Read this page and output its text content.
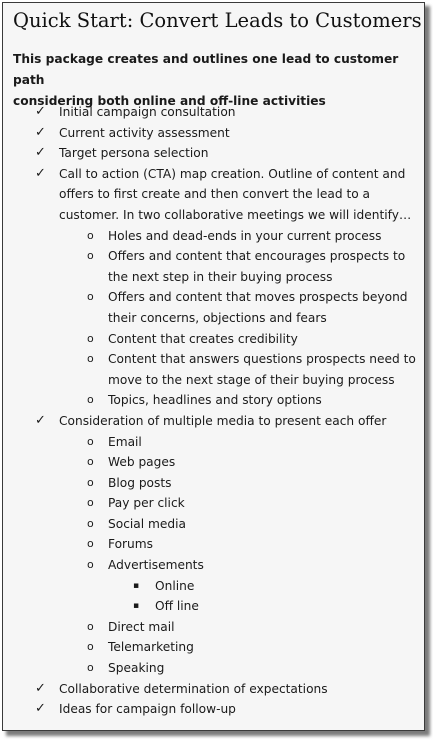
Quick Start: Convert Leads to Customers

This package creates and outlines one lead to customer path
considering both online and off-line activities

✓ Initial campaign consultation
✓ Current activity assessment
✓ Target persona selection
✓ Call to action (CTA) map creation. Outline of content and
offers to first create and then convert the lead to a
customer. In two collaborative meetings we will identify…
o Holes and dead-ends in your current process
o Offers and content that encourages prospects to
the next step in their buying process
o Offers and content that moves prospects beyond
their concerns, objections and fears
o Content that creates credibility
o Content that answers questions prospects need to
move to the next stage of their buying process
o Topics, headlines and story options
✓ Consideration of multiple media to present each offer
o Email
o Web pages
o Blog posts
o Pay per click
o Social media
o Forums
o Advertisements
▪ Online
▪ Off line
o Direct mail
o Telemarketing
o Speaking
✓ Collaborative determination of expectations
✓ Ideas for campaign follow-up
